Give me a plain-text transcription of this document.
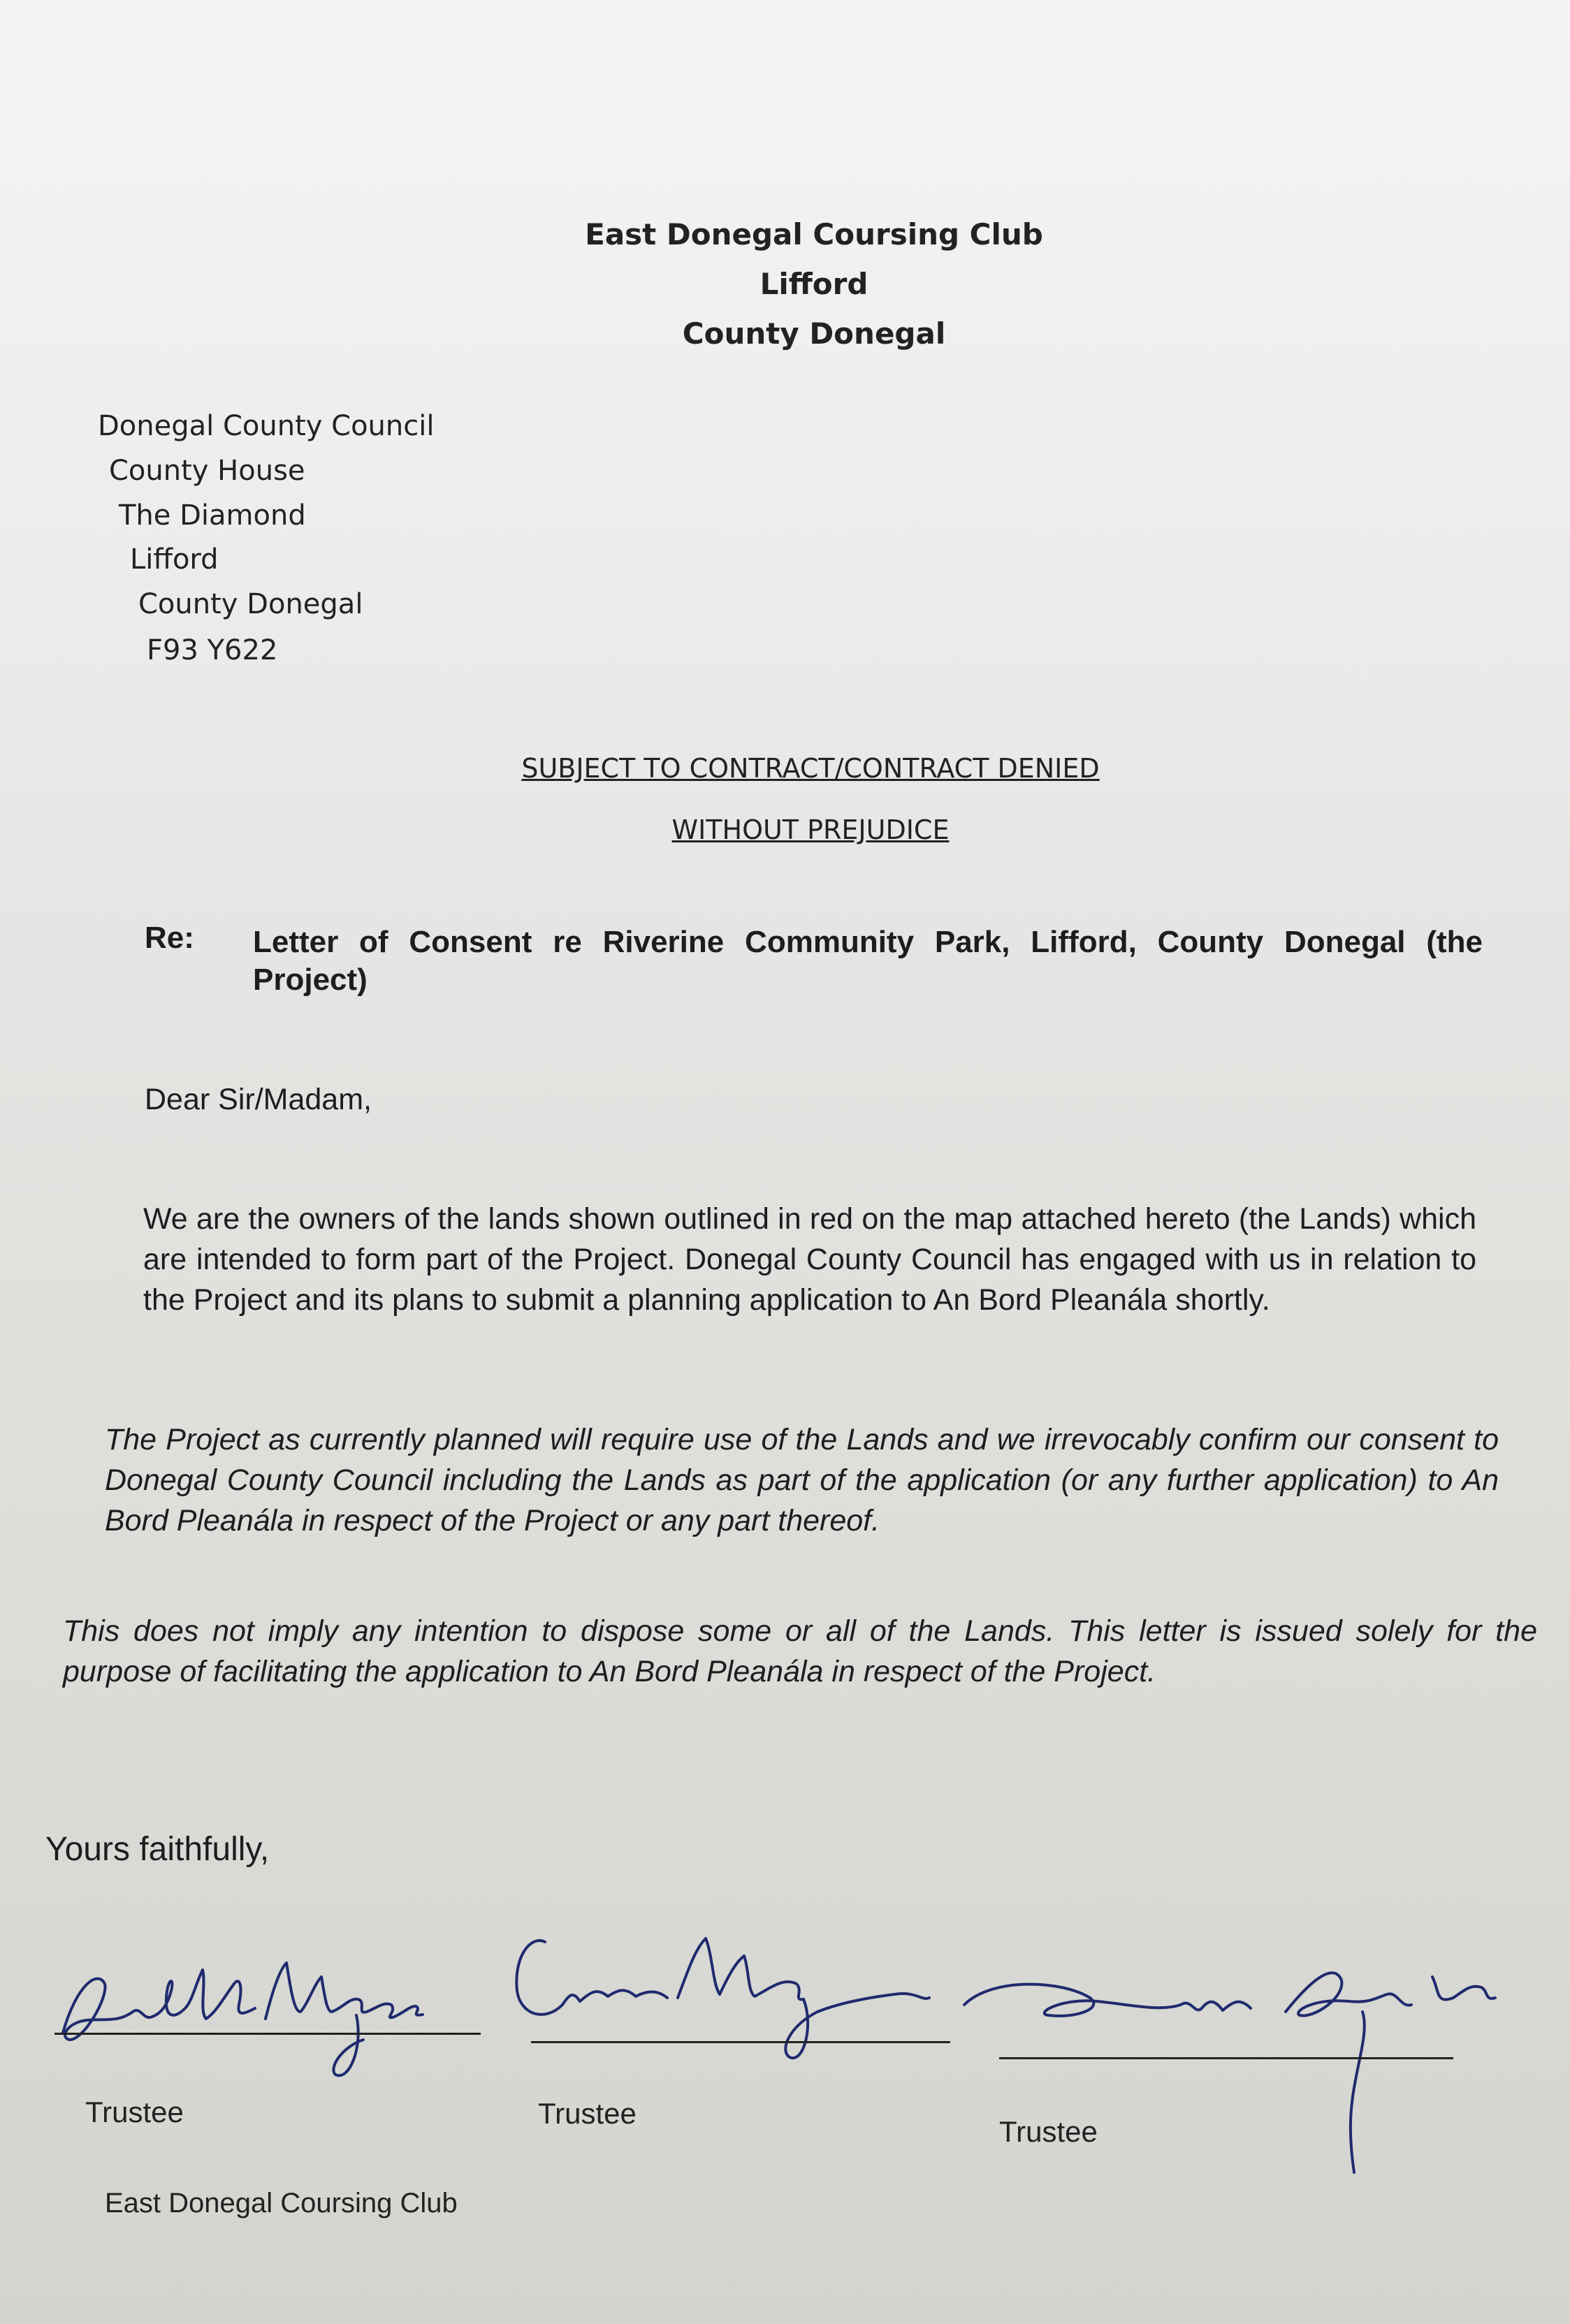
East Donegal Coursing Club
Lifford
County Donegal
Donegal County Council
County House
The Diamond
Lifford
County Donegal
F93 Y622
SUBJECT TO CONTRACT/CONTRACT DENIED
WITHOUT PREJUDICE
Re: Letter of Consent re Riverine Community Park, Lifford, County Donegal (the Project)
Dear Sir/Madam,
We are the owners of the lands shown outlined in red on the map attached hereto (the Lands) which are intended to form part of the Project. Donegal County Council has engaged with us in relation to the Project and its plans to submit a planning application to An Bord Pleanála shortly.
The Project as currently planned will require use of the Lands and we irrevocably confirm our consent to Donegal County Council including the Lands as part of the application (or any further application) to An Bord Pleanála in respect of the Project or any part thereof.
This does not imply any intention to dispose some or all of the Lands. This letter is issued solely for the purpose of facilitating the application to An Bord Pleanála in respect of the Project.
Yours faithfully,
Trustee	Trustee
Trustee
East Donegal Coursing Club
